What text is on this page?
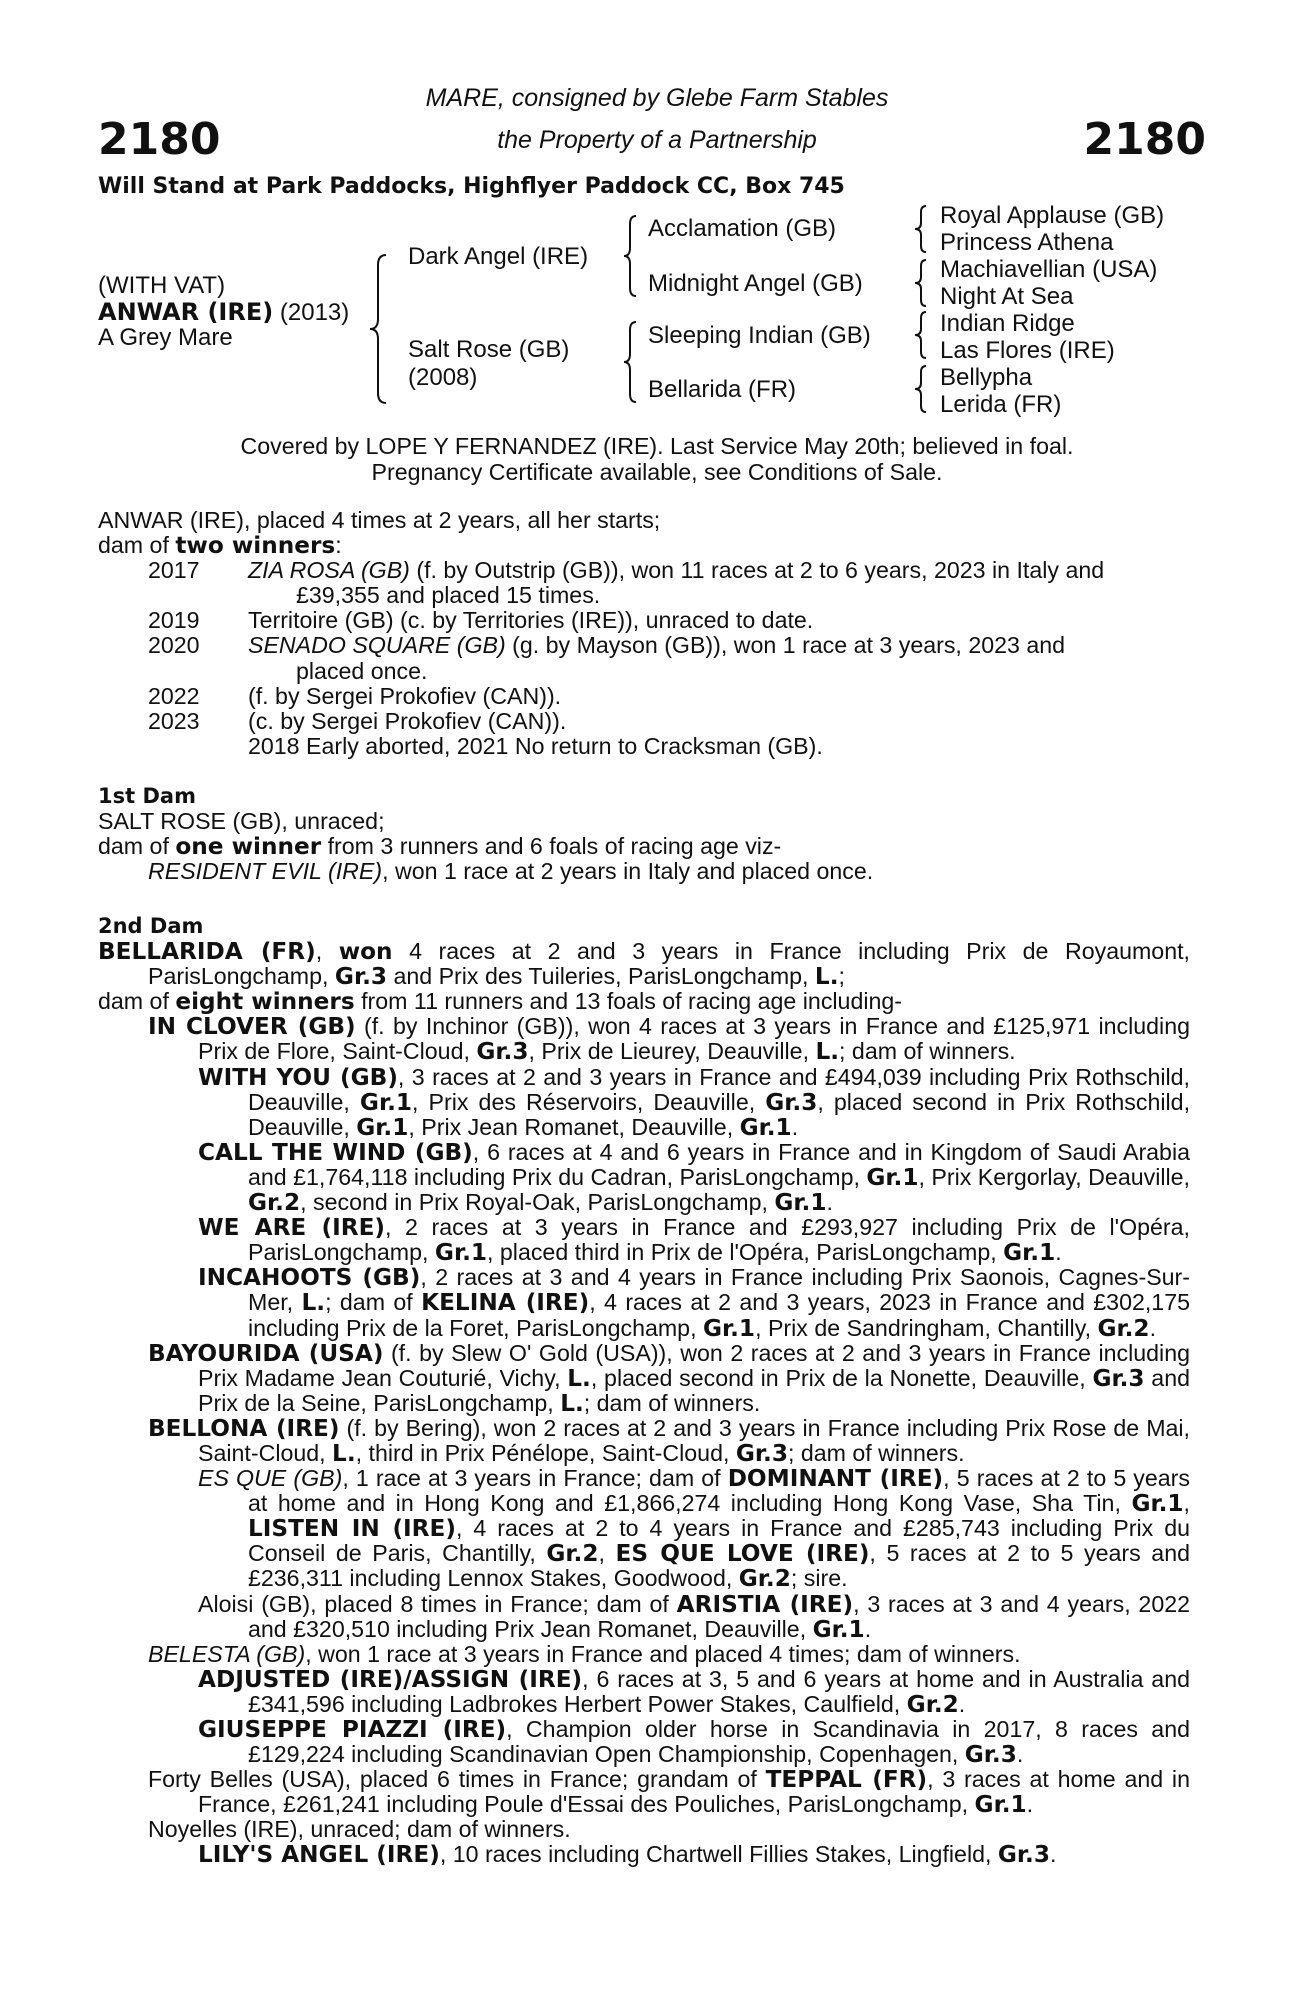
2180	2180
MARE, consigned by Glebe Farm Stables
the Property of a Partnership
Will Stand at Park Paddocks, Highflyer Paddock CC, Box 745
(WITH VAT)
ANWAR (IRE) (2013)
A Grey Mare
Dark Angel (IRE)
Salt Rose (GB)
(2008)
Acclamation (GB)
Midnight Angel (GB)
Sleeping Indian (GB)
Bellarida (FR)
Royal Applause (GB)
Princess Athena
Machiavellian (USA)
Night At Sea
Indian Ridge
Las Flores (IRE)
Bellypha
Lerida (FR)
Covered by LOPE Y FERNANDEZ (IRE). Last Service May 20th; believed in foal.
Pregnancy Certificate available, see Conditions of Sale.

ANWAR (IRE), placed 4 times at 2 years, all her starts;

dam of two winners:

2017	ZIA ROSA (GB) (f. by Outstrip (GB)), won 11 races at 2 to 6 years, 2023 in Italy and
£39,355 and placed 15 times.
2019	Territoire (GB) (c. by Territories (IRE)), unraced to date.
2020	SENADO SQUARE (GB) (g. by Mayson (GB)), won 1 race at 3 years, 2023 and
placed once.
2022	(f. by Sergei Prokofiev (CAN)).
2023	(c. by Sergei Prokofiev (CAN)).
2018 Early aborted, 2021 No return to Cracksman (GB).

1st Dam

SALT ROSE (GB), unraced;

dam of one winner from 3 runners and 6 foals of racing age viz-

RESIDENT EVIL (IRE), won 1 race at 2 years in Italy and placed once.

2nd Dam

BELLARIDA (FR), won 4 races at 2 and 3 years in France including Prix de Royaumont, ParisLongchamp, Gr.3 and Prix des Tuileries, ParisLongchamp, L.;

dam of eight winners from 11 runners and 13 foals of racing age including-

IN CLOVER (GB) (f. by Inchinor (GB)), won 4 races at 3 years in France and £125,971 including Prix de Flore, Saint-Cloud, Gr.3, Prix de Lieurey, Deauville, L.; dam of winners.

WITH YOU (GB), 3 races at 2 and 3 years in France and £494,039 including Prix Rothschild, Deauville, Gr.1, Prix des Réservoirs, Deauville, Gr.3, placed second in Prix Rothschild, Deauville, Gr.1, Prix Jean Romanet, Deauville, Gr.1.

CALL THE WIND (GB), 6 races at 4 and 6 years in France and in Kingdom of Saudi Arabia and £1,764,118 including Prix du Cadran, ParisLongchamp, Gr.1, Prix Kergorlay, Deauville, Gr.2, second in Prix Royal-Oak, ParisLongchamp, Gr.1.

WE ARE (IRE), 2 races at 3 years in France and £293,927 including Prix de l'Opéra, ParisLongchamp, Gr.1, placed third in Prix de l'Opéra, ParisLongchamp, Gr.1.

INCAHOOTS (GB), 2 races at 3 and 4 years in France including Prix Saonois, Cagnes-Sur-Mer, L.; dam of KELINA (IRE), 4 races at 2 and 3 years, 2023 in France and £302,175 including Prix de la Foret, ParisLongchamp, Gr.1, Prix de Sandringham, Chantilly, Gr.2.

BAYOURIDA (USA) (f. by Slew O' Gold (USA)), won 2 races at 2 and 3 years in France including Prix Madame Jean Couturié, Vichy, L., placed second in Prix de la Nonette, Deauville, Gr.3 and Prix de la Seine, ParisLongchamp, L.; dam of winners.

BELLONA (IRE) (f. by Bering), won 2 races at 2 and 3 years in France including Prix Rose de Mai, Saint-Cloud, L., third in Prix Pénélope, Saint-Cloud, Gr.3; dam of winners.

ES QUE (GB), 1 race at 3 years in France; dam of DOMINANT (IRE), 5 races at 2 to 5 years at home and in Hong Kong and £1,866,274 including Hong Kong Vase, Sha Tin, Gr.1, LISTEN IN (IRE), 4 races at 2 to 4 years in France and £285,743 including Prix du Conseil de Paris, Chantilly, Gr.2, ES QUE LOVE (IRE), 5 races at 2 to 5 years and £236,311 including Lennox Stakes, Goodwood, Gr.2; sire.

Aloisi (GB), placed 8 times in France; dam of ARISTIA (IRE), 3 races at 3 and 4 years, 2022 and £320,510 including Prix Jean Romanet, Deauville, Gr.1.

BELESTA (GB), won 1 race at 3 years in France and placed 4 times; dam of winners.

ADJUSTED (IRE)/ASSIGN (IRE), 6 races at 3, 5 and 6 years at home and in Australia and £341,596 including Ladbrokes Herbert Power Stakes, Caulfield, Gr.2.

GIUSEPPE PIAZZI (IRE), Champion older horse in Scandinavia in 2017, 8 races and £129,224 including Scandinavian Open Championship, Copenhagen, Gr.3.

Forty Belles (USA), placed 6 times in France; grandam of TEPPAL (FR), 3 races at home and in France, £261,241 including Poule d'Essai des Pouliches, ParisLongchamp, Gr.1.

Noyelles (IRE), unraced; dam of winners.

LILY'S ANGEL (IRE), 10 races including Chartwell Fillies Stakes, Lingfield, Gr.3.
